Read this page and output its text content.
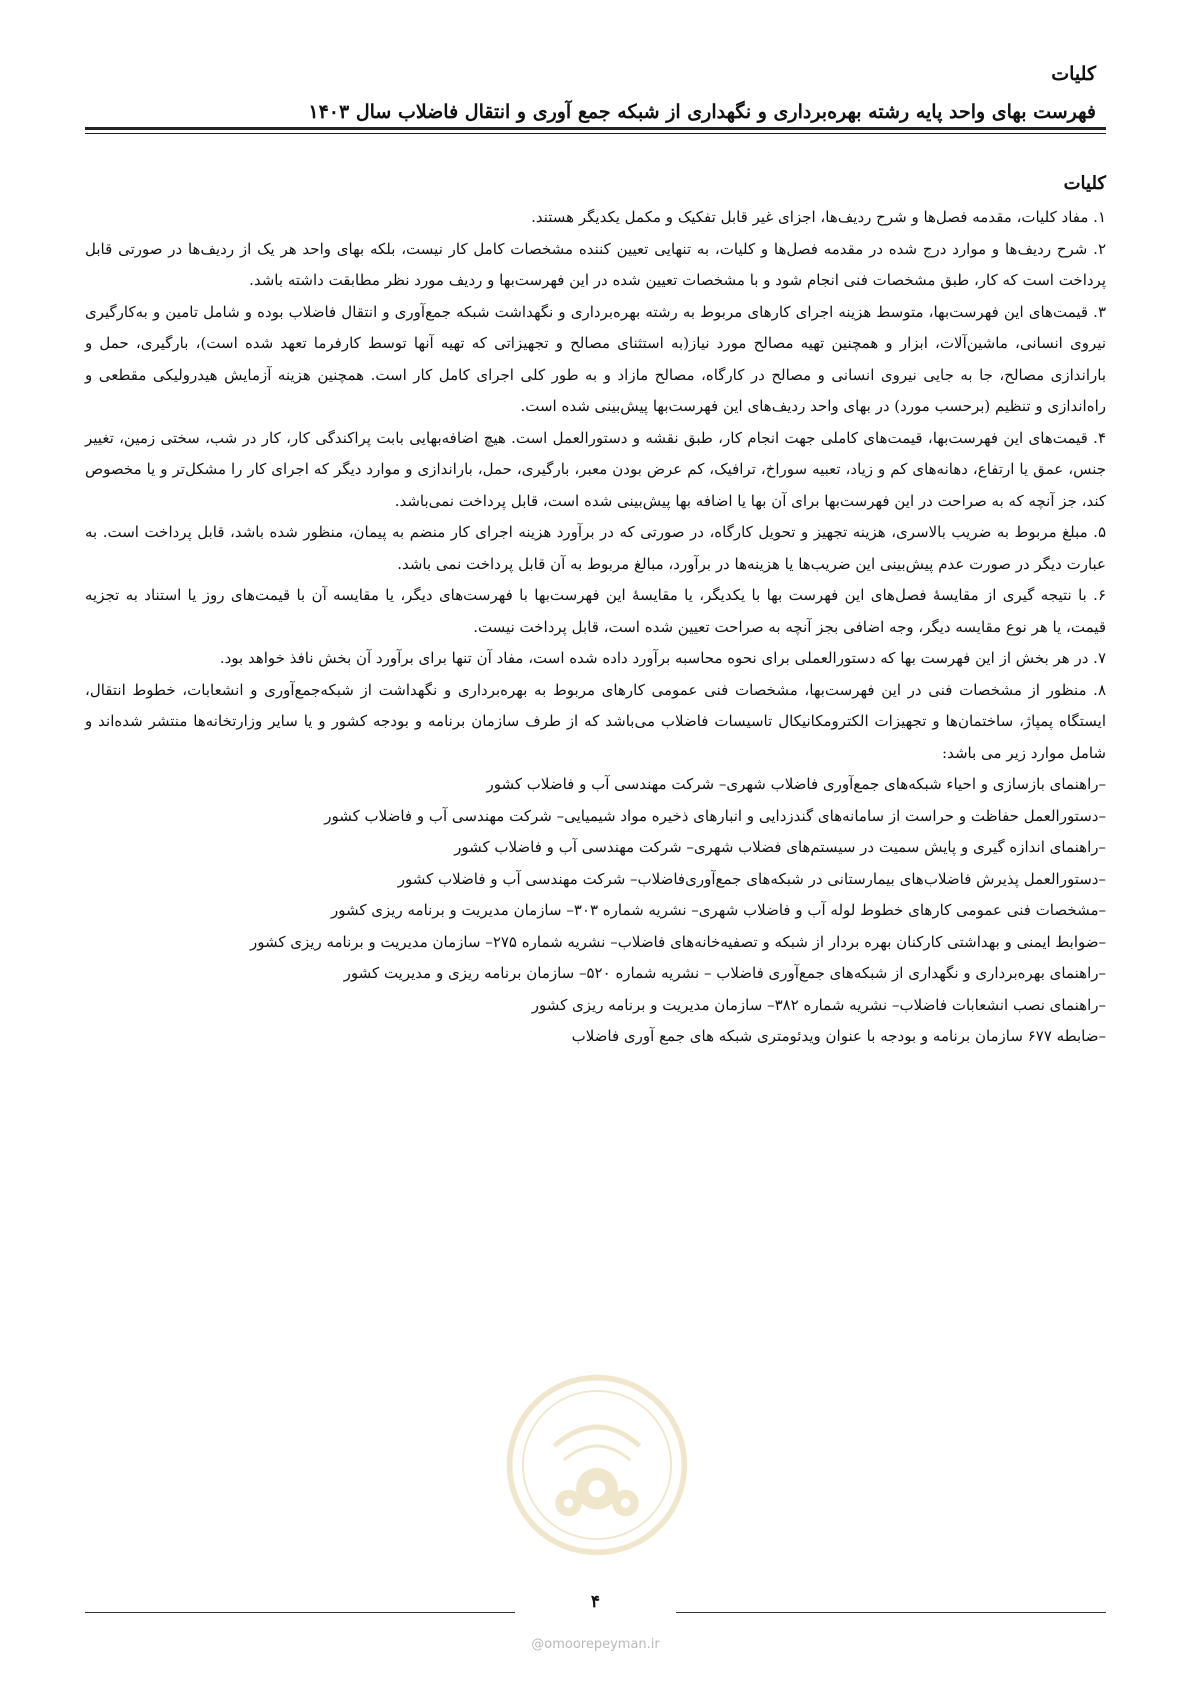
کلیات
فهرست بهای واحد پایه رشته بهره‌برداری و نگهداری از شبکه جمع آوری و انتقال فاضلاب سال ۱۴۰۳
کلیات

۱. مفاد کلیات، مقدمه فصل‌ها و شرح ردیف‌ها، اجزای غیر قابل تفکیک و مکمل یکدیگر هستند.

۲. شرح ردیف‌ها و موارد درج شده در مقدمه فصل‌ها و کلیات، به تنهایی تعیین کننده مشخصات کامل کار نیست، بلکه بهای واحد هر یک از ردیف‌ها در صورتی قابل پرداخت است که کار، طبق مشخصات فنی انجام شود و با مشخصات تعیین شده در این فهرست‌بها و ردیف مورد نظر مطابقت داشته باشد.

۳. قیمت‌های این فهرست‌بها، متوسط هزینه اجرای کارهای مربوط به رشته بهره‌برداری و نگهداشت شبکه جمع‌آوری و انتقال فاضلاب بوده و شامل تامین و به‌کارگیری نیروی انسانی، ماشین‌آلات، ابزار و همچنین تهیه مصالح مورد نیاز(به استثنای مصالح و تجهیزاتی که تهیه آنها توسط کارفرما تعهد شده است)، بارگیری، حمل و باراندازی مصالح، جا به جایی نیروی انسانی و مصالح در کارگاه، مصالح مازاد و به طور کلی اجرای کامل کار است. همچنین هزینه آزمایش هیدرولیکی مقطعی و راه‌اندازی و تنظیم (برحسب مورد) در بهای واحد ردیف‌های این فهرست‌بها پیش‌بینی شده است.

۴. قیمت‌های این فهرست‌بها، قیمت‌های کاملی جهت انجام کار، طبق نقشه و دستورالعمل است. هیچ اضافه‌بهایی بابت پراکندگی کار، کار در شب، سختی زمین، تغییر جنس، عمق یا ارتفاع، دهانه‌های کم و زیاد، تعبیه سوراخ، ترافیک، کم عرض بودن معبر، بارگیری، حمل، باراندازی و موارد دیگر که اجرای کار را مشکل‌تر و یا مخصوص کند، جز آنچه که به صراحت در این فهرست‌بها برای آن بها یا اضافه بها پیش‌بینی شده است، قابل پرداخت نمی‌باشد.

۵. مبلغ مربوط به ضریب بالاسری، هزینه تجهیز و تحویل کارگاه، در صورتی که در برآورد هزینه اجرای کار منضم به پیمان، منظور شده باشد، قابل پرداخت است. به عبارت دیگر در صورت عدم پیش‌بینی این ضریب‌ها یا هزینه‌ها در برآورد، مبالغ مربوط به آن قابل پرداخت نمی باشد.

۶. با نتیجه گیری از مقایسهٔ فصل‌های این فهرست بها با یکدیگر، یا مقایسهٔ این فهرست‌بها با فهرست‌های دیگر، یا مقایسه آن با قیمت‌های روز یا استناد به تجزیه قیمت، یا هر نوع مقایسه دیگر، وجه اضافی بجز آنچه به صراحت تعیین شده است، قابل پرداخت نیست.

۷. در هر بخش از این فهرست بها که دستورالعملی برای نحوه محاسبه برآورد داده شده است، مفاد آن تنها برای برآورد آن بخش نافذ خواهد بود.

۸. منظور از مشخصات فنی در این فهرست‌بها، مشخصات فنی عمومی کارهای مربوط به بهره‌برداری و نگهداشت از شبکه‌جمع‌آوری و انشعابات، خطوط انتقال، ایستگاه پمپاژ، ساختمان‌ها و تجهیزات الکترومکانیکال تاسیسات فاضلاب می‌باشد که از طرف سازمان برنامه و بودجه کشور و یا سایر وزارتخانه‌ها منتشر شده‌اند و شامل موارد زیر می باشد:

–راهنمای بازسازی و احیاء شبکه‌های جمع‌آوری فاضلاب شهری– شرکت مهندسی آب و فاضلاب کشور

–دستورالعمل حفاظت و حراست از سامانه‌های گندزدایی و انبارهای ذخیره مواد شیمیایی– شرکت مهندسی آب و فاضلاب کشور

–راهنمای اندازه گیری و پایش سمیت در سیستم‌های فضلاب شهری– شرکت مهندسی آب و فاضلاب کشور

–دستورالعمل پذیرش فاضلاب‌های بیمارستانی در شبکه‌های جمع‌آوری‌فاضلاب– شرکت مهندسی آب و فاضلاب کشور

–مشخصات فنی عمومی کارهای خطوط لوله آب و فاضلاب شهری– نشریه شماره ۳۰۳– سازمان مدیریت و برنامه ریزی کشور

–ضوابط ایمنی و بهداشتی کارکنان بهره بردار از شبکه و تصفیه‌خانه‌های فاضلاب– نشریه شماره ۲۷۵– سازمان مدیریت و برنامه ریزی کشور

–راهنمای بهره‌برداری و نگهداری از شبکه‌های جمع‌آوری فاضلاب – نشریه شماره ۵۲۰– سازمان برنامه ریزی و مدیریت کشور

–راهنمای نصب انشعابات فاضلاب– نشریه شماره ۳۸۲– سازمان مدیریت و برنامه ریزی کشور

–ضابطه ۶۷۷ سازمان برنامه و بودجه با عنوان ویدئومتری شبکه های جمع آوری فاضلاب

۴
@omoorepeyman.ir
